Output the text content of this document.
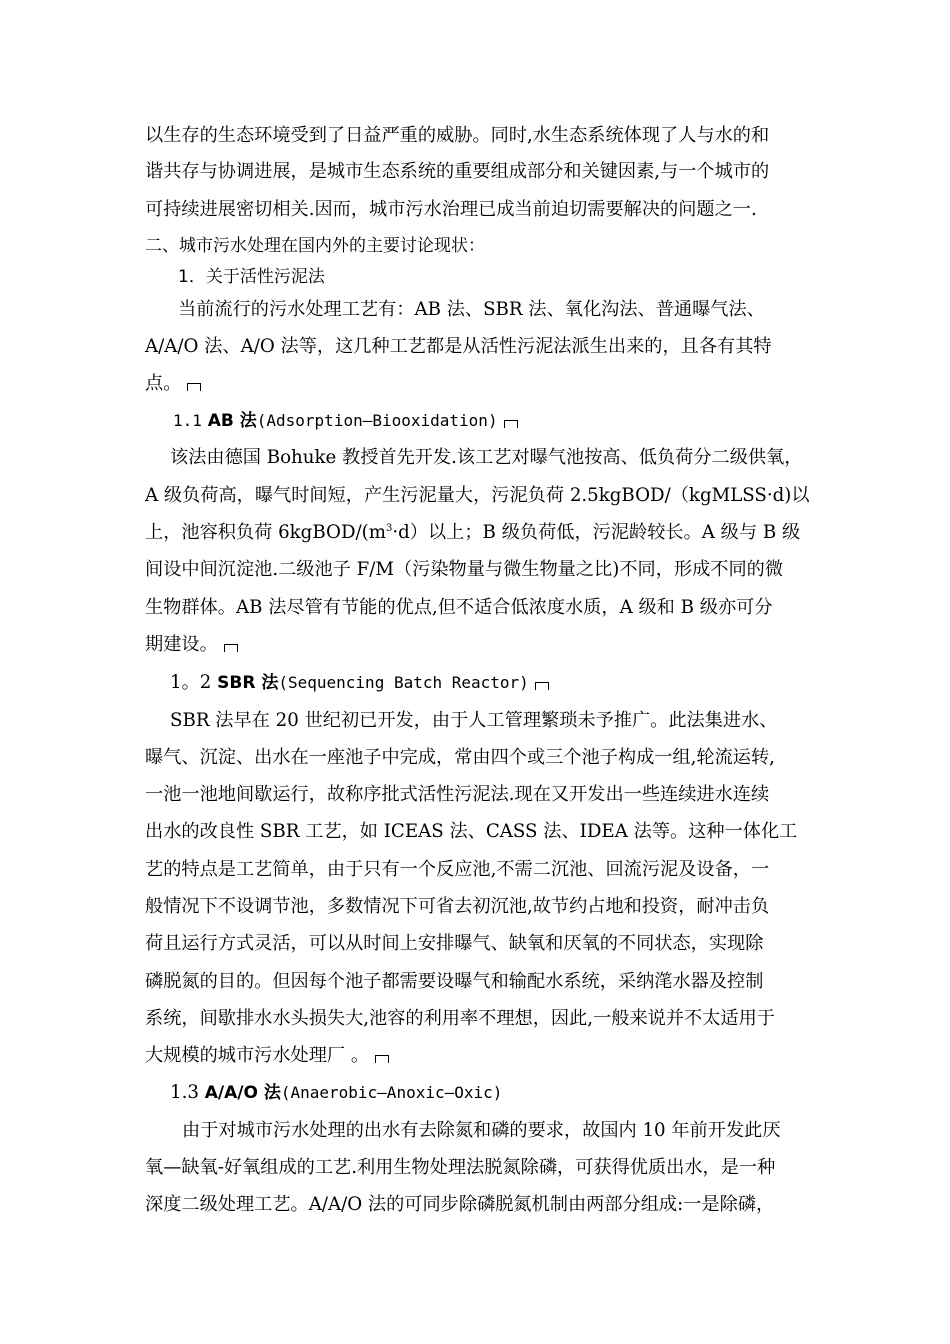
以生存的生态环境受到了日益严重的威胁。同时,水生态系统体现了人与水的和
谐共存与协调进展，是城市生态系统的重要组成部分和关键因素,与一个城市的
可持续进展密切相关.因而，城市污水治理已成当前迫切需要解决的问题之一.
二、城市污水处理在国内外的主要讨论现状：
1．关于活性污泥法
当前流行的污水处理工艺有：AB 法、SBR 法、氧化沟法、普通曝气法、
A/A/O 法、A/O 法等，这几种工艺都是从活性污泥法派生出来的，且各有其特
点。
1.1 AB 法(Adsorption—Biooxidation)
该法由德国 Bohuke 教授首先开发.该工艺对曝气池按高、低负荷分二级供氧，
A 级负荷高，曝气时间短，产生污泥量大，污泥负荷 2.5kgBOD/（kgMLSS·d)以
上，池容积负荷 $6kgBOD/(m^3\cdot d)$以上；B 级负荷低，污泥龄较长。A 级与 B 级
间设中间沉淀池.二级池子 F/M（污染物量与微生物量之比)不同，形成不同的微
生物群体。AB 法尽管有节能的优点,但不适合低浓度水质，A 级和 B 级亦可分
期建设。
1。2 SBR 法(Sequencing Batch Reactor)
SBR 法早在 20 世纪初已开发，由于人工管理繁琐未予推广。此法集进水、
曝气、沉淀、出水在一座池子中完成，常由四个或三个池子构成一组,轮流运转,
一池一池地间歇运行，故称序批式活性污泥法.现在又开发出一些连续进水连续
出水的改良性 SBR 工艺，如 ICEAS 法、CASS 法、IDEA 法等。这种一体化工
艺的特点是工艺简单，由于只有一个反应池,不需二沉池、回流污泥及设备，一
般情况下不设调节池，多数情况下可省去初沉池,故节约占地和投资，耐冲击负
荷且运行方式灵活，可以从时间上安排曝气、缺氧和厌氧的不同状态，实现除
磷脱氮的目的。但因每个池子都需要设曝气和输配水系统，采纳滗水器及控制
系统，间歇排水水头损失大,池容的利用率不理想，因此,一般来说并不太适用于
大规模的城市污水处理厂 。
1.3 A/A/O 法(Anaerobic—Anoxic—Oxic)
由于对城市污水处理的出水有去除氮和磷的要求，故国内 10 年前开发此厌
氧—缺氧-好氧组成的工艺.利用生物处理法脱氮除磷，可获得优质出水，是一种
深度二级处理工艺。A/A/O 法的可同步除磷脱氮机制由两部分组成:一是除磷，
